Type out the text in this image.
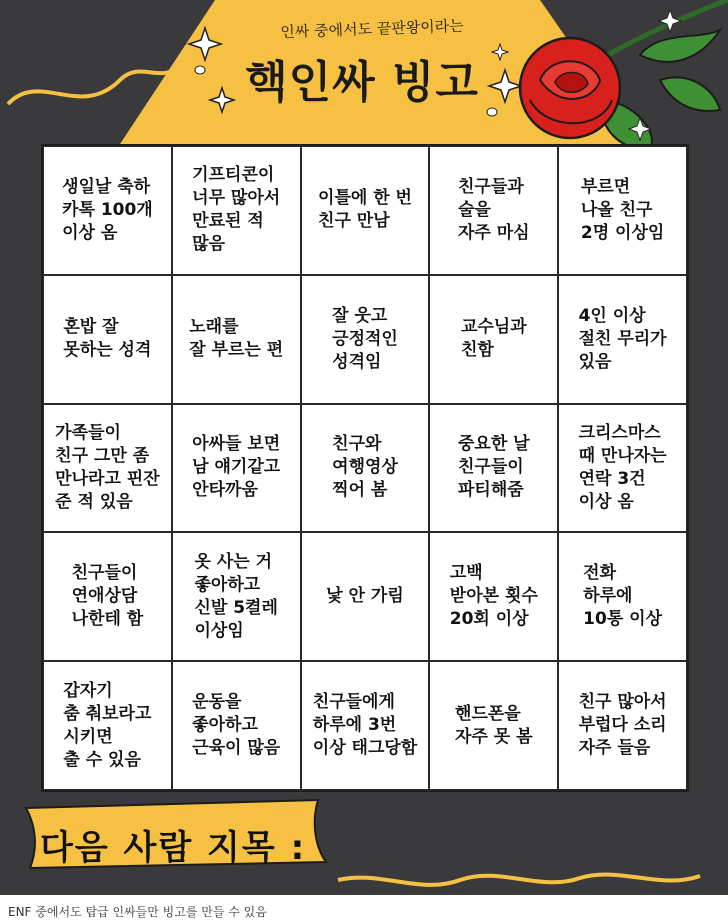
인싸 중에서도 끝판왕이라는
핵인싸 빙고
생일날 축하
카톡 100개
이상 옴
기프티콘이
너무 많아서
만료된 적
많음
이틀에 한 번
친구 만남
친구들과
술을
자주 마심
부르면
나올 친구
2명 이상임
혼밥 잘
못하는 성격
노래를
잘 부르는 편
잘 웃고
긍정적인
성격임
교수님과
친함
4인 이상
절친 무리가
있음
가족들이
친구 그만 좀
만나라고 핀잔
준 적 있음
아싸들 보면
남 얘기같고
안타까움
친구와
여행영상
찍어 봄
중요한 날
친구들이
파티해줌
크리스마스
때 만나자는
연락 3건
이상 옴
친구들이
연애상담
나한테 함
옷 사는 거
좋아하고
신발 5켤레
이상임
낯 안 가림
고백
받아본 횟수
20회 이상
전화
하루에
10통 이상
갑자기
춤 춰보라고
시키면
출 수 있음
운동을
좋아하고
근육이 많음
친구들에게
하루에 3번
이상 태그당함
핸드폰을
자주 못 봄
친구 많아서
부럽다 소리
자주 들음
다음 사람 지목 :
ENF 중에서도 탑급 인싸들만 빙고를 만들 수 있음
